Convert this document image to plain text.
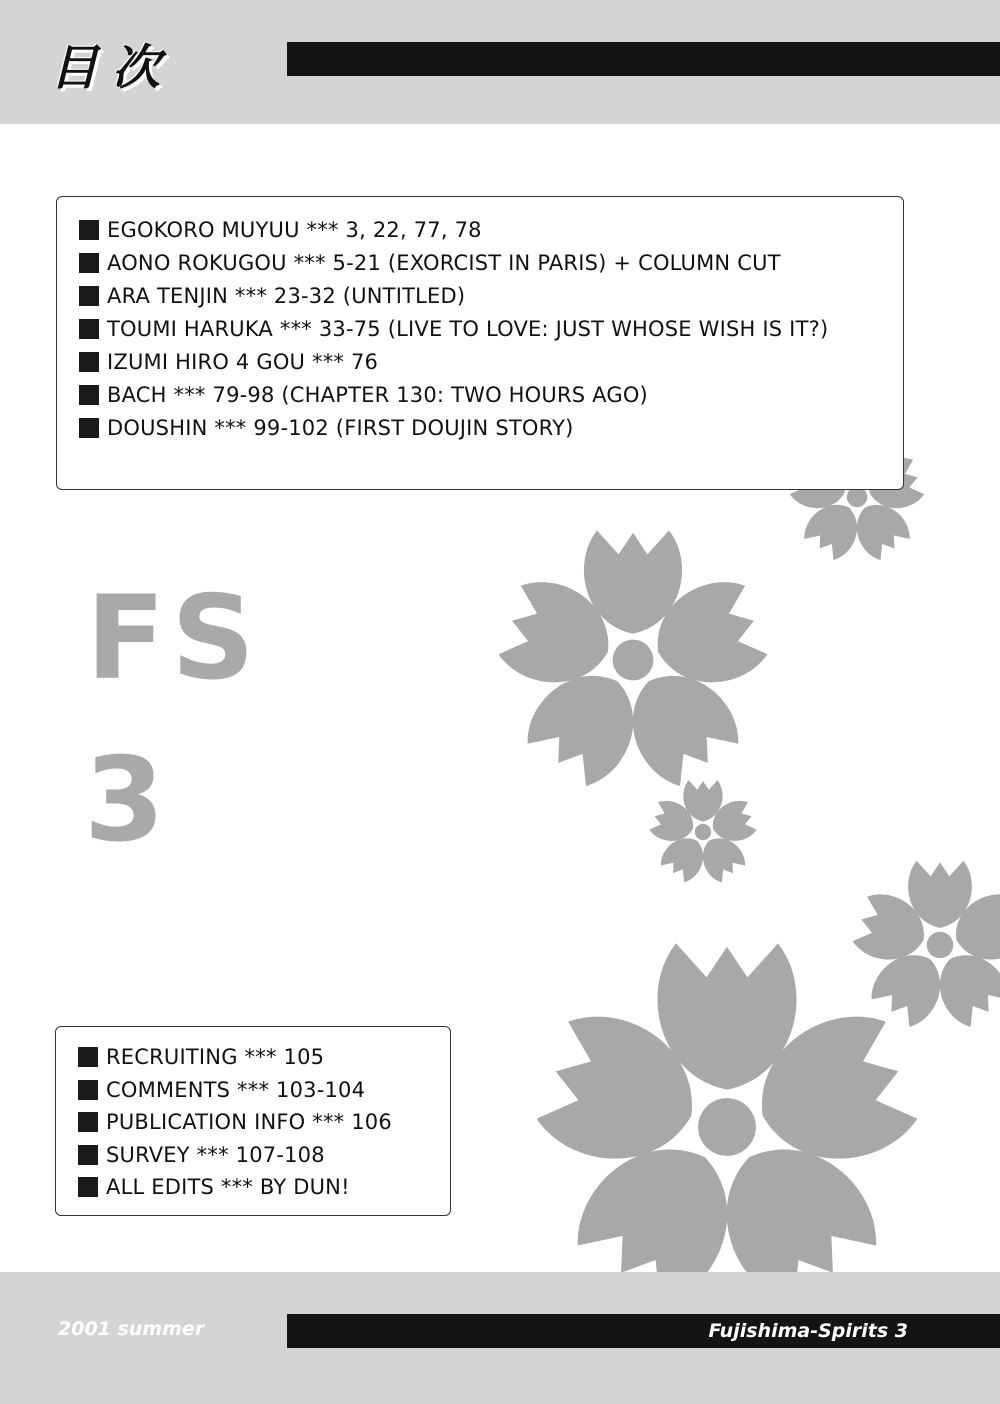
目次
EGOKORO MUYUU *** 3, 22, 77, 78
AONO ROKUGOU *** 5-21 (EXORCIST IN PARIS) + COLUMN CUT
ARA TENJIN *** 23-32 (UNTITLED)
TOUMI HARUKA *** 33-75 (LIVE TO LOVE: JUST WHOSE WISH IS IT?)
IZUMI HIRO 4 GOU *** 76
BACH *** 79-98 (CHAPTER 130: TWO HOURS AGO)
DOUSHIN *** 99-102 (FIRST DOUJIN STORY)
FS
3
RECRUITING *** 105
COMMENTS *** 103-104
PUBLICATION INFO *** 106
SURVEY *** 107-108
ALL EDITS *** BY DUN!
2001 summer	Fujishima-Spirits 3
